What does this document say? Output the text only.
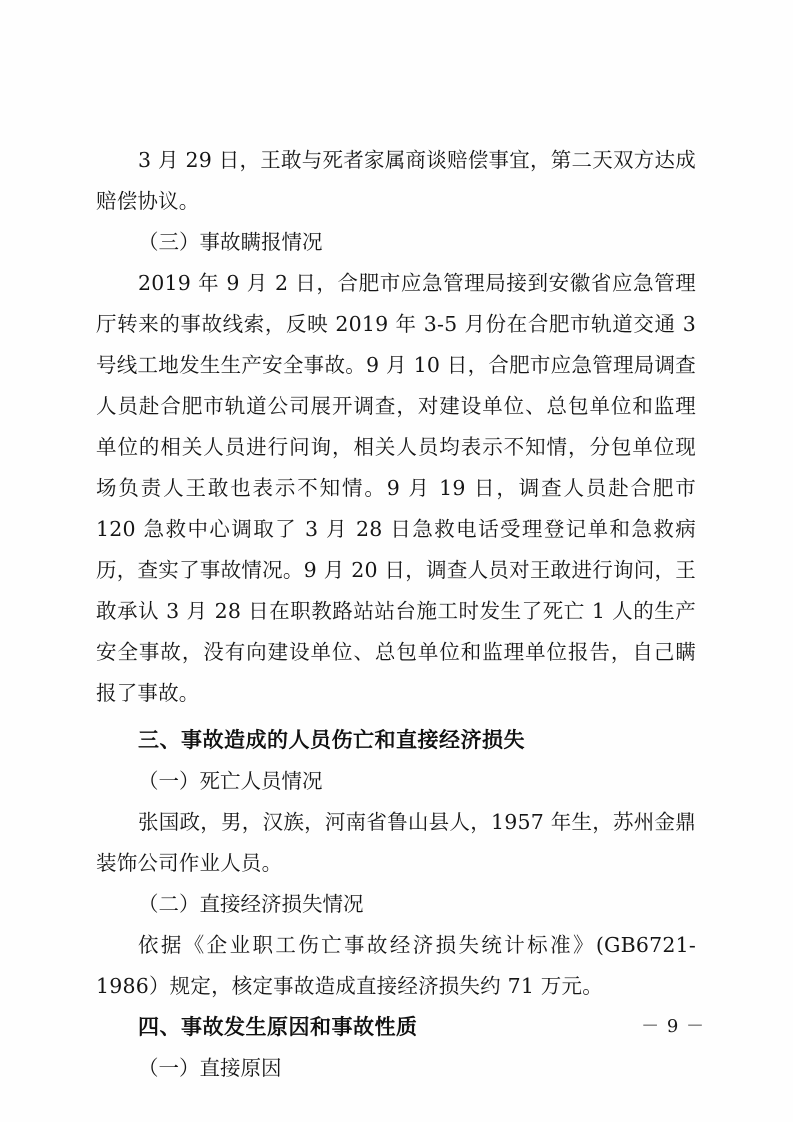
3 月 29 日，王敢与死者家属商谈赔偿事宜，第二天双方达成赔偿协议。

（三）事故瞒报情况

2019 年 9 月 2 日，合肥市应急管理局接到安徽省应急管理厅转来的事故线索，反映 2019 年 3-5 月份在合肥市轨道交通 3 号线工地发生生产安全事故。9 月 10 日，合肥市应急管理局调查人员赴合肥市轨道公司展开调查，对建设单位、总包单位和监理单位的相关人员进行问询，相关人员均表示不知情，分包单位现场负责人王敢也表示不知情。9 月 19 日，调查人员赴合肥市 120 急救中心调取了 3 月 28 日急救电话受理登记单和急救病历，查实了事故情况。9 月 20 日，调查人员对王敢进行询问，王敢承认 3 月 28 日在职教路站站台施工时发生了死亡 1 人的生产安全事故，没有向建设单位、总包单位和监理单位报告，自己瞒报了事故。

三、事故造成的人员伤亡和直接经济损失

（一）死亡人员情况

张国政，男，汉族，河南省鲁山县人，1957 年生，苏州金鼎装饰公司作业人员。

（二）直接经济损失情况

依据《企业职工伤亡事故经济损失统计标准》(GB6721-1986）规定，核定事故造成直接经济损失约 71 万元。

四、事故发生原因和事故性质

（一）直接原因

－ 9 －
